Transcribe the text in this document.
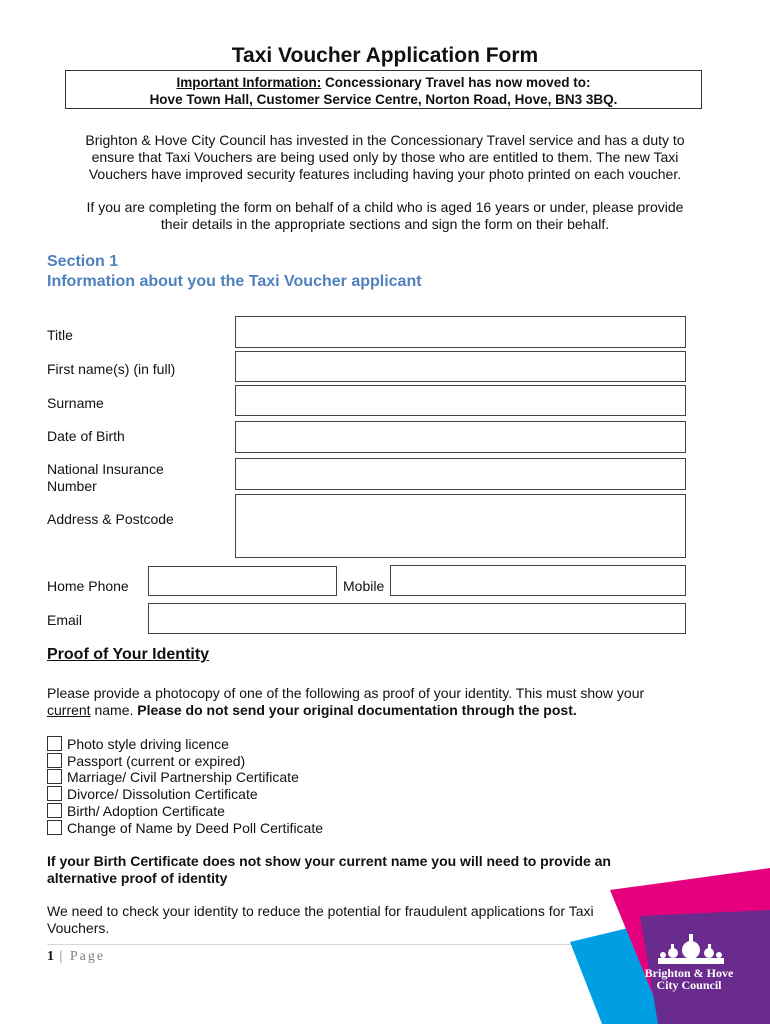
Taxi Voucher Application Form
Important Information: Concessionary Travel has now moved to:
Hove Town Hall, Customer Service Centre, Norton Road, Hove, BN3 3BQ.
Brighton & Hove City Council has invested in the Concessionary Travel service and has a duty to
ensure that Taxi Vouchers are being used only by those who are entitled to them. The new Taxi
Vouchers have improved security features including having your photo printed on each voucher.
If you are completing the form on behalf of a child who is aged 16 years or under, please provide
their details in the appropriate sections and sign the form on their behalf.
Section 1
Information about you the Taxi Voucher applicant
Title
First name(s) (in full)
Surname
Date of Birth
National Insurance
Number
Address & Postcode
Home Phone	Mobile
Email
Proof of Your Identity
Please provide a photocopy of one of the following as proof of your identity. This must show your
current name. Please do not send your original documentation through the post.
Photo style driving licence
Passport (current or expired)
Marriage/ Civil Partnership Certificate
Divorce/ Dissolution Certificate
Birth/ Adoption Certificate
Change of Name by Deed Poll Certificate
If your Birth Certificate does not show your current name you will need to provide an
alternative proof of identity
We need to check your identity to reduce the potential for fraudulent applications for Taxi
Vouchers.
1 | Page
Brighton & Hove
City Council
